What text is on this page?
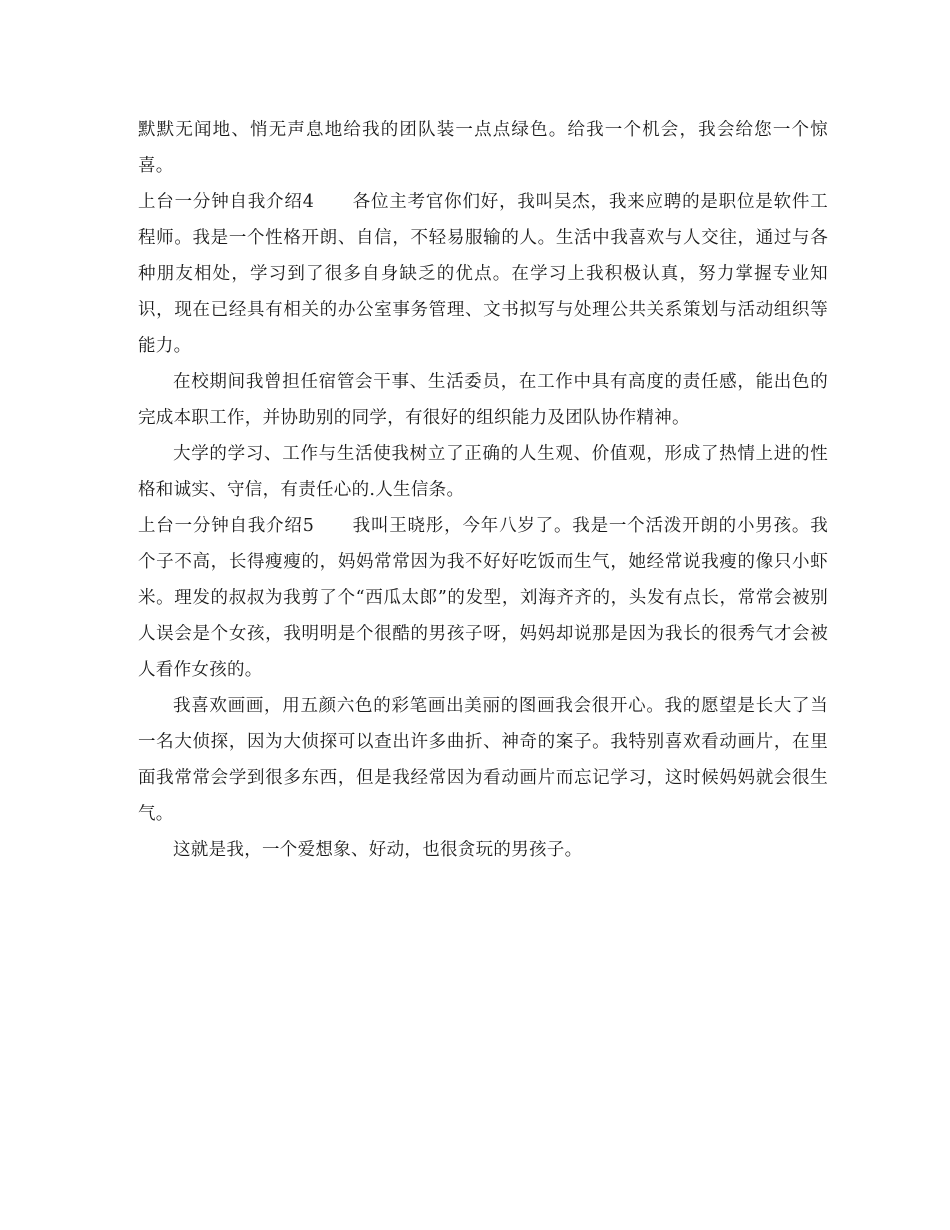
默默无闻地、悄无声息地给我的团队装一点点绿色。给我一个机会，我会给您一个惊喜。

上台一分钟自我介绍4 各位主考官你们好，我叫吴杰，我来应聘的是职位是软件工程师。我是一个性格开朗、自信，不轻易服输的人。生活中我喜欢与人交往，通过与各种朋友相处，学习到了很多自身缺乏的优点。在学习上我积极认真，努力掌握专业知识，现在已经具有相关的办公室事务管理、文书拟写与处理公共关系策划与活动组织等能力。

在校期间我曾担任宿管会干事、生活委员，在工作中具有高度的责任感，能出色的完成本职工作，并协助别的同学，有很好的组织能力及团队协作精神。

大学的学习、工作与生活使我树立了正确的人生观、价值观，形成了热情上进的性格和诚实、守信，有责任心的.人生信条。

上台一分钟自我介绍5 我叫王晓彤，今年八岁了。我是一个活泼开朗的小男孩。我个子不高，长得瘦瘦的，妈妈常常因为我不好好吃饭而生气，她经常说我瘦的像只小虾米。理发的叔叔为我剪了个“西瓜太郎”的发型，刘海齐齐的，头发有点长，常常会被别人误会是个女孩，我明明是个很酷的男孩子呀，妈妈却说那是因为我长的很秀气才会被人看作女孩的。

我喜欢画画，用五颜六色的彩笔画出美丽的图画我会很开心。我的愿望是长大了当一名大侦探，因为大侦探可以查出许多曲折、神奇的案子。我特别喜欢看动画片，在里面我常常会学到很多东西，但是我经常因为看动画片而忘记学习，这时候妈妈就会很生气。

这就是我，一个爱想象、好动，也很贪玩的男孩子。
